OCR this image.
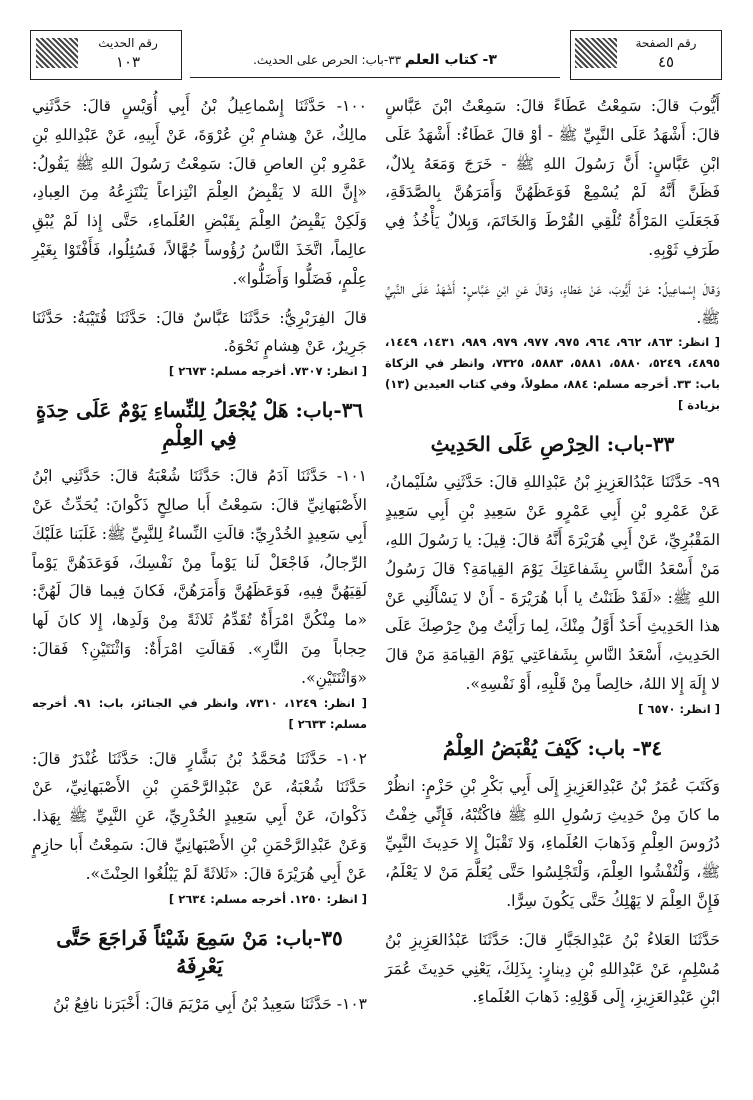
رقم الحديث
١٠٣	٣- كتاب العلم ٣٣-باب: الحرص على الحديث.
رقم الصفحة
٤٥

أَيُّوبَ قالَ: سَمِعْتُ عَطَاءً قالَ: سَمِعْتُ ابْنَ عَبَّاسٍ قالَ: أَشْهَدُ عَلَى النَّبِيِّ ﷺ - أوْ قالَ عَطَاءٌ: أَشْهَدُ عَلَى ابْنِ عَبَّاسٍ: أَنَّ رَسُولَ اللهِ ﷺ - خَرَجَ وَمَعَهُ بِلالٌ، فَظَنَّ أَنَّهُ لَمْ يُسْمِعْ فَوَعَظَهُنَّ وَأَمَرَهُنَّ بِالصَّدَقَةِ، فَجَعَلَتِ المَرْأَةُ تُلْقِي القُرْطَ وَالخَاتَمَ، وَبِلالٌ يَأْخُذُ فِي طَرَفِ ثَوْبِهِ.

وَقالَ إِسْماعِيلُ: عَنْ أَيُّوبَ، عَنْ عَطاءٍ، وَقالَ عَنِ ابْنِ عَبَّاسٍ: أَشْهَدُ عَلَى النَّبِيِّ ﷺ.

[ انظر: ٨٦٣، ٩٦٢، ٩٦٤، ٩٧٥، ٩٧٧، ٩٧٩، ٩٨٩، ١٤٣١، ١٤٤٩، ٤٨٩٥، ٥٢٤٩، ٥٨٨٠، ٥٨٨١، ٥٨٨٣، ٧٣٢٥، وانظر في الزكاة باب: ٣٣. أخرجه مسلم: ٨٨٤، مطولاً، وفي كتاب العيدين (١٣) بزيادة ]

٣٣-باب: الحِرْصِ عَلَى الحَدِيثِ

٩٩- حَدَّثَنَا عَبْدُالعَزِيزِ بْنُ عَبْدِاللهِ قالَ: حَدَّثَنِي سُلَيْمانُ، عَنْ عَمْرِو بْنِ أَبِي عَمْرٍو عَنْ سَعِيدِ بْنِ أَبِي سَعِيدٍ المَقْبُرِيِّ، عَنْ أَبِي هُرَيْرَةَ أَنَّهُ قالَ: قِيلَ: يا رَسُولَ اللهِ، مَنْ أَسْعَدُ النَّاسِ بِشَفاعَتِكَ يَوْمَ القِيامَةِ؟ قالَ رَسُولُ اللهِ ﷺ: «لَقَدْ ظَنَنْتُ يا أَبا هُرَيْرَةَ - أَنْ لا يَسْأَلُنِي عَنْ هذا الحَدِيثِ أَحَدٌ أَوَّلُ مِنْكَ، لِما رَأَيْتُ مِنْ حِرْصِكَ عَلَى الحَدِيثِ، أَسْعَدُ النَّاسِ بِشَفاعَتِي يَوْمَ القِيامَةِ مَنْ قالَ لا إِلَهَ إِلا اللهُ، خالِصاً مِنْ قَلْبِهِ، أَوْ نَفْسِهِ».

[ انظر: ٦٥٧٠ ]

٣٤- باب: كَيْفَ يُقْبَضُ العِلْمُ

وَكَتَبَ عُمَرُ بْنُ عَبْدِالعَزِيزِ إِلَى أَبِي بَكْرِ بْنِ حَزْمٍ: انظُرْ ما كانَ مِنْ حَدِيثِ رَسُولِ اللهِ ﷺ فاكْتُبْهُ، فَإِنِّي خِفْتُ دُرُوسَ العِلْمِ وَذَهابَ العُلَماءِ، وَلا تَقْبَلْ إِلا حَدِيثَ النَّبِيِّ ﷺ، وَلْتُفْشُوا العِلْمَ، وَلْتَجْلِسُوا حَتَّى يُعَلَّمَ مَنْ لا يَعْلَمُ، فَإِنَّ العِلْمَ لا يَهْلِكُ حَتَّى يَكُونَ سِرًّا.

حَدَّثَنَا العَلاءُ بْنُ عَبْدِالجَبَّارِ قالَ: حَدَّثَنَا عَبْدُالعَزِيزِ بْنُ مُسْلِمٍ، عَنْ عَبْدِاللهِ بْنِ دِينارٍ: بِذَلِكَ، يَعْنِي حَدِيثَ عُمَرَ ابْنِ عَبْدِالعَزِيزِ، إِلَى قَوْلِهِ: ذَهابَ العُلَماءِ.

١٠٠- حَدَّثَنَا إِسْماعِيلُ بْنُ أَبِي أُوَيْسٍ قالَ: حَدَّثَنِي مالِكٌ، عَنْ هِشامِ بْنِ عُرْوَةَ، عَنْ أَبِيهِ، عَنْ عَبْدِاللهِ بْنِ عَمْرِو بْنِ العاصِ قالَ: سَمِعْتُ رَسُولَ اللهِ ﷺ يَقُولُ: «إِنَّ اللهَ لا يَقْبِضُ العِلْمَ انْتِزاعاً يَنْتَزِعُهُ مِنَ العِبادِ، وَلَكِنْ يَقْبِضُ العِلْمَ بِقَبْضِ العُلَماءِ، حَتَّى إِذا لَمْ يُبْقِ عالِماً، اتَّخَذَ النَّاسُ رُؤُوساً جُهَّالاً، فَسُئِلُوا، فَأَفْتَوْا بِغَيْرِ عِلْمٍ، فَضَلُّوا وَأَضَلُّوا».

قالَ الفِرَبْرِيُّ: حَدَّثَنَا عَبَّاسٌ قالَ: حَدَّثَنَا قُتَيْبَةُ: حَدَّثَنَا جَرِيرٌ، عَنْ هِشامٍ نَحْوَهُ.

[ انظر: ٧٣٠٧. أخرجه مسلم: ٢٦٧٣ ]

٣٦-باب: هَلْ يُجْعَلُ لِلنِّساءِ يَوْمٌ عَلَى حِدَةٍ فِي العِلْمِ

١٠١- حَدَّثَنَا آدَمُ قالَ: حَدَّثَنَا شُعْبَةُ قالَ: حَدَّثَنِي ابْنُ الأَصْبَهانِيِّ قالَ: سَمِعْتُ أَبا صالِحٍ ذَكْوانَ: يُحَدِّثُ عَنْ أَبِي سَعِيدٍ الخُدْرِيِّ: قالَتِ النِّساءُ لِلنَّبِيِّ ﷺ: غَلَبَنا عَلَيْكَ الرِّجالُ، فَاجْعَلْ لَنا يَوْماً مِنْ نَفْسِكَ، فَوَعَدَهُنَّ يَوْماً لَقِيَهُنَّ فِيهِ، فَوَعَظَهُنَّ وَأَمَرَهُنَّ، فَكانَ فِيما قالَ لَهُنَّ: «ما مِنْكُنَّ امْرَأَةٌ تُقَدِّمُ ثَلاثَةً مِنْ وَلَدِها، إِلا كانَ لَها حِجاباً مِنَ النَّارِ». فَقالَتِ امْرَأَةٌ: وَاثْنَتَيْنِ؟ فَقالَ: «وَاثْنَتَيْنِ».

[ انظر: ١٢٤٩، ٧٣١٠، وانظر في الجنائز، باب: ٩١. أخرجه مسلم: ٢٦٣٣ ]

١٠٢- حَدَّثَنَا مُحَمَّدُ بْنُ بَشَّارٍ قالَ: حَدَّثَنَا غُنْدَرٌ قالَ: حَدَّثَنَا شُعْبَةُ، عَنْ عَبْدِالرَّحْمَنِ بْنِ الأَصْبَهانِيِّ، عَنْ ذَكْوانَ، عَنْ أَبِي سَعِيدٍ الخُدْرِيِّ، عَنِ النَّبِيِّ ﷺ بِهَذا. وَعَنْ عَبْدِالرَّحْمَنِ بْنِ الأَصْبَهانِيِّ قالَ: سَمِعْتُ أَبا حازِمٍ عَنْ أَبِي هُرَيْرَةَ قالَ: «ثَلاثَةً لَمْ يَبْلُغُوا الحِنْثَ».

[ انظر: ١٢٥٠. أخرجه مسلم: ٢٦٣٤ ]

٣٥-باب: مَنْ سَمِعَ شَيْئاً فَراجَعَ حَتَّى يَعْرِفَهُ

١٠٣- حَدَّثَنَا سَعِيدُ بْنُ أَبِي مَرْيَمَ قالَ: أَخْبَرَنا نافِعُ بْنُ
